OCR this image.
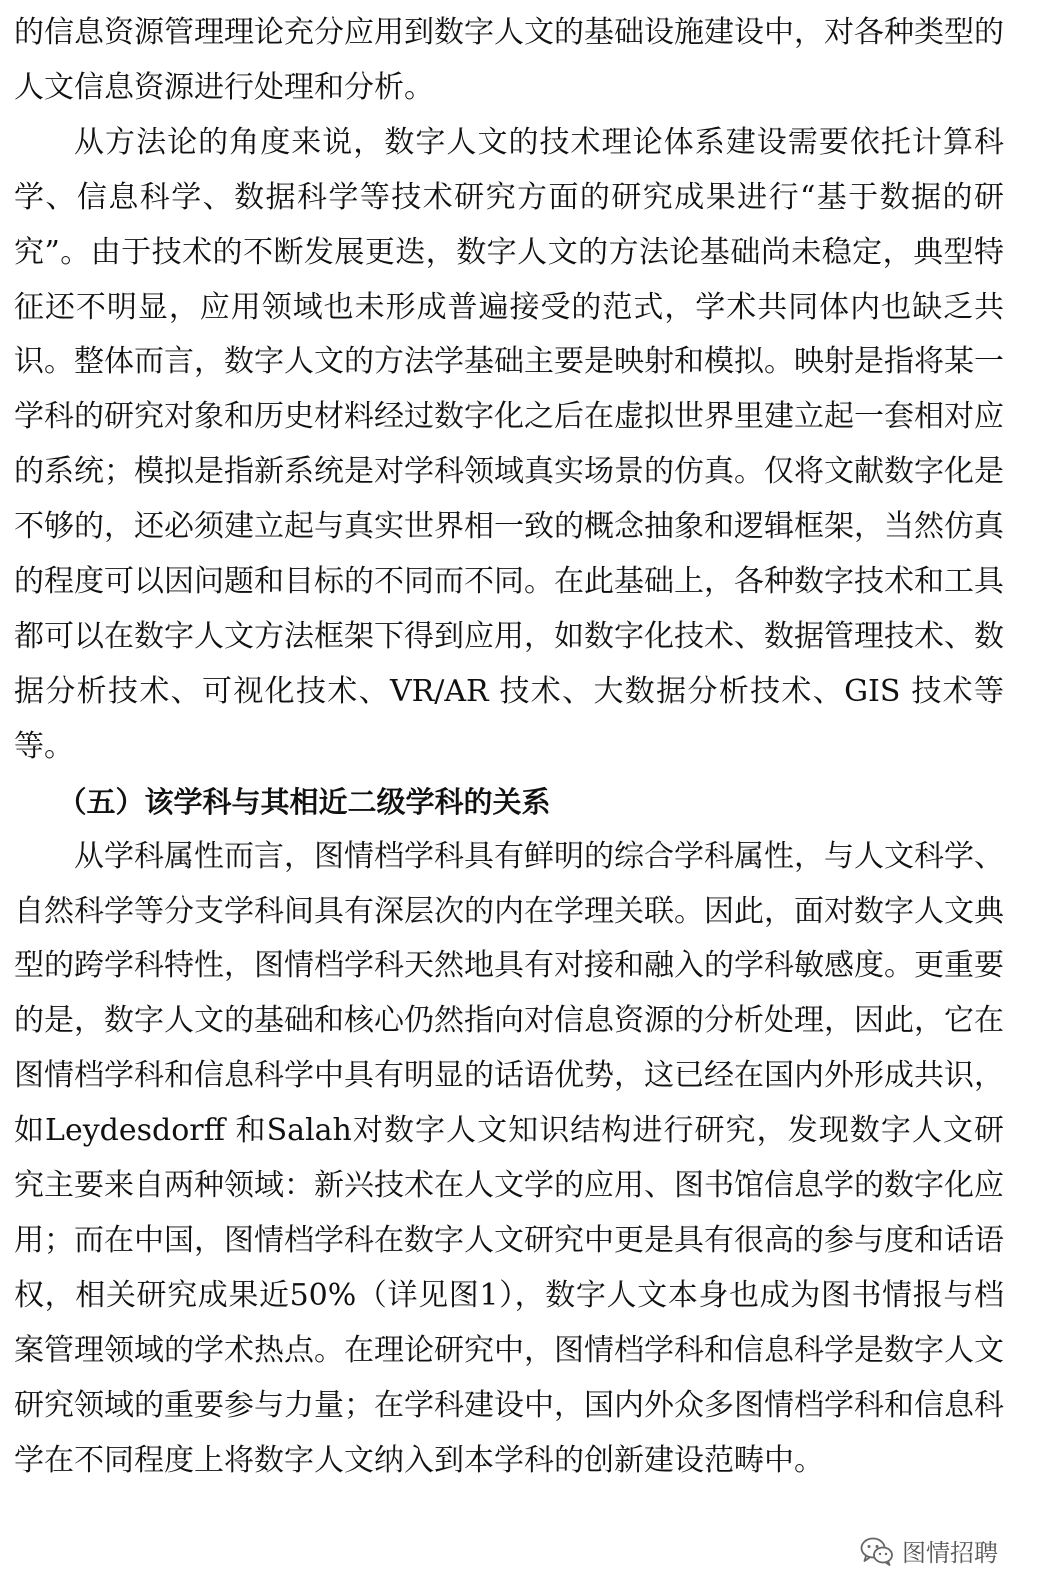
的信息资源管理理论充分应用到数字人文的基础设施建设中，对各种类型的人文信息资源进行处理和分析。

从方法论的角度来说，数字人文的技术理论体系建设需要依托计算科学、信息科学、数据科学等技术研究方面的研究成果进行“基于数据的研究”。由于技术的不断发展更迭，数字人文的方法论基础尚未稳定，典型特征还不明显，应用领域也未形成普遍接受的范式，学术共同体内也缺乏共识。整体而言，数字人文的方法学基础主要是映射和模拟。映射是指将某一学科的研究对象和历史材料经过数字化之后在虚拟世界里建立起一套相对应的系统；模拟是指新系统是对学科领域真实场景的仿真。仅将文献数字化是不够的，还必须建立起与真实世界相一致的概念抽象和逻辑框架，当然仿真的程度可以因问题和目标的不同而不同。在此基础上，各种数字技术和工具都可以在数字人文方法框架下得到应用，如数字化技术、数据管理技术、数据分析技术、可视化技术、VR/AR 技术、大数据分析技术、GIS 技术等等。

（五）该学科与其相近二级学科的关系

从学科属性而言，图情档学科具有鲜明的综合学科属性，与人文科学、自然科学等分支学科间具有深层次的内在学理关联。因此，面对数字人文典型的跨学科特性，图情档学科天然地具有对接和融入的学科敏感度。更重要的是，数字人文的基础和核心仍然指向对信息资源的分析处理，因此，它在图情档学科和信息科学中具有明显的话语优势，这已经在国内外形成共识，如Leydesdorff 和Salah对数字人文知识结构进行研究，发现数字人文研究主要来自两种领域：新兴技术在人文学的应用、图书馆信息学的数字化应用；而在中国，图情档学科在数字人文研究中更是具有很高的参与度和话语权，相关研究成果近50%（详见图1），数字人文本身也成为图书情报与档案管理领域的学术热点。在理论研究中，图情档学科和信息科学是数字人文研究领域的重要参与力量；在学科建设中，国内外众多图情档学科和信息科学在不同程度上将数字人文纳入到本学科的创新建设范畴中。

图情招聘
